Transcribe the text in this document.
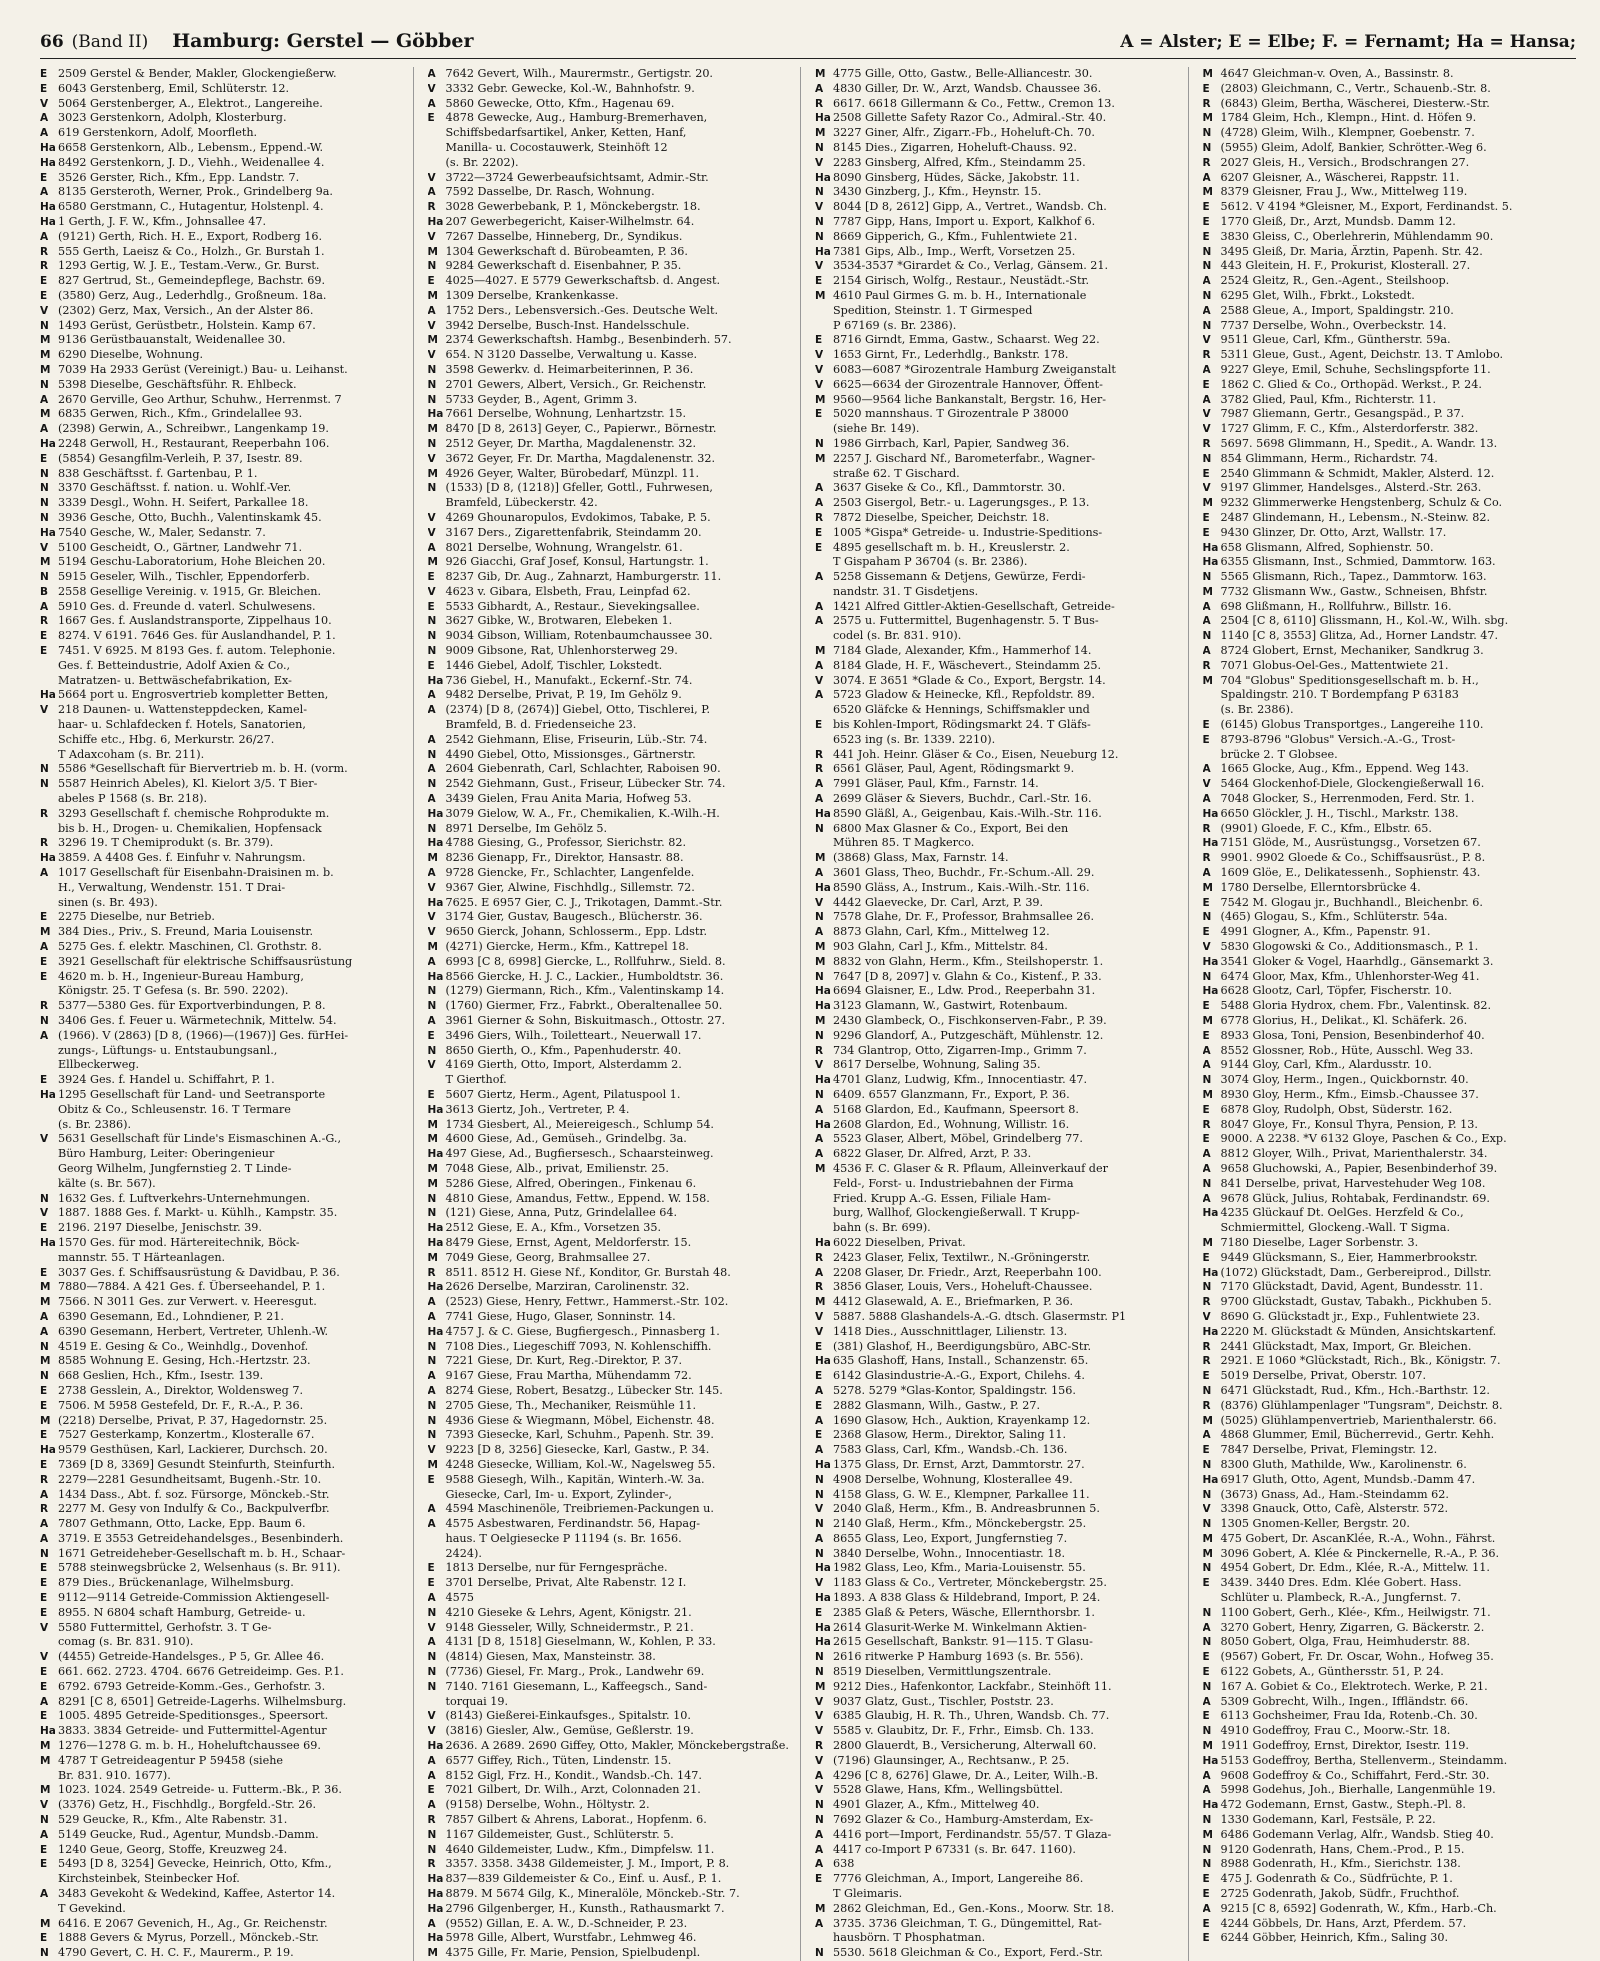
66 (Band II) Hamburg: Gerstel — Göbber	A = Alster; E = Elbe; F. = Fernamt; Ha = Hansa;
E 2509 Gerstel & Bender, Makler, Glockengießerw.
E 6043 Gerstenberg, Emil, Schlüterstr. 12.
V 5064 Gerstenberger, A., Elektrot., Langereihe.
A 3023 Gerstenkorn, Adolph, Klosterburg.
A 619 Gerstenkorn, Adolf, Moorfleth.
Ha 6658 Gerstenkorn, Alb., Lebensm., Eppend.-W.
Ha 8492 Gerstenkorn, J. D., Viehh., Weidenallee 4.
E 3526 Gerster, Rich., Kfm., Epp. Landstr. 7.
A 8135 Gersteroth, Werner, Prok., Grindelberg 9a.
Ha 6580 Gerstmann, C., Hutagentur, Holstenpl. 4.
Ha 1 Gerth, J. F. W., Kfm., Johnsallee 47.
A (9121) Gerth, Rich. H. E., Export, Rodberg 16.
R 555 Gerth, Laeisz & Co., Holzh., Gr. Burstah 1.
R 1293 Gertig, W. J. E., Testam.-Verw., Gr. Burst.
E 827 Gertrud, St., Gemeindepflege, Bachstr. 69.
E (3580) Gerz, Aug., Lederhdlg., Großneum. 18a.
V (2302) Gerz, Max, Versich., An der Alster 86.
N 1493 Gerüst, Gerüstbetr., Holstein. Kamp 67.
M 9136 Gerüstbauanstalt, Weidenallee 30.
M 6290 Dieselbe, Wohnung.
M 7039 Ha 2933 Gerüst (Vereinigt.) Bau- u. Leihanst.
N 5398 Dieselbe, Geschäftsführ. R. Ehlbeck.
A 2670 Gerville, Geo Arthur, Schuhw., Herrenmst. 7
M 6835 Gerwen, Rich., Kfm., Grindelallee 93.
A (2398) Gerwin, A., Schreibwr., Langenkamp 19.
Ha 2248 Gerwoll, H., Restaurant, Reeperbahn 106.
E (5854) Gesangfilm-Verleih, P. 37, Isestr. 89.
N 838 Geschäftsst. f. Gartenbau, P. 1.
N 3370 Geschäftsst. f. nation. u. Wohlf.-Ver.
N 3339 Desgl., Wohn. H. Seifert, Parkallee 18.
N 3936 Gesche, Otto, Buchh., Valentinskamk 45.
Ha 7540 Gesche, W., Maler, Sedanstr. 7.
V 5100 Gescheidt, O., Gärtner, Landwehr 71.
M 5194 Geschu-Laboratorium, Hohe Bleichen 20.
N 5915 Geseler, Wilh., Tischler, Eppendorferb.
B 2558 Gesellige Vereinig. v. 1915, Gr. Bleichen.
A 5910 Ges. d. Freunde d. vaterl. Schulwesens.
R 1667 Ges. f. Auslandstransporte, Zippelhaus 10.
E 8274. V 6191. 7646 Ges. für Auslandhandel, P. 1.
E 7451. V 6925. M 8193 Ges. f. autom. Telephonie.
Ges. f. Betteindustrie, Adolf Axien & Co.,
Matratzen- u. Bettwäschefabrikation, Ex-
Ha 5664 port u. Engrosvertrieb kompletter Betten,
V 218 Daunen- u. Wattensteppdecken, Kamel-
haar- u. Schlafdecken f. Hotels, Sanatorien,
Schiffe etc., Hbg. 6, Merkurstr. 26/27.
T Adaxcoham (s. Br. 211).
N 5586 *Gesellschaft für Biervertrieb m. b. H. (vorm.
N 5587 Heinrich Abeles), Kl. Kielort 3/5. T Bier-
abeles P 1568 (s. Br. 218).
R 3293 Gesellschaft f. chemische Rohprodukte m.
bis b. H., Drogen- u. Chemikalien, Hopfensack
R 3296 19. T Chemiprodukt (s. Br. 379).
Ha 3859. A 4408 Ges. f. Einfuhr v. Nahrungsm.
A 1017 Gesellschaft für Eisenbahn-Draisinen m. b.
H., Verwaltung, Wendenstr. 151. T Drai-
sinen (s. Br. 493).
E 2275 Dieselbe, nur Betrieb.
M 384 Dies., Priv., S. Freund, Maria Louisenstr.
A 5275 Ges. f. elektr. Maschinen, Cl. Grothstr. 8.
E 3921 Gesellschaft für elektrische Schiffsausrüstung
E 4620 m. b. H., Ingenieur-Bureau Hamburg,
Königstr. 25. T Gefesa (s. Br. 590. 2202).
R 5377—5380 Ges. für Exportverbindungen, P. 8.
N 3406 Ges. f. Feuer u. Wärmetechnik, Mittelw. 54.
A (1966). V (2863) [D 8, (1966)—(1967)] Ges. fürHei-
zungs-, Lüftungs- u. Entstaubungsanl.,
Ellbeckerweg.
E 3924 Ges. f. Handel u. Schiffahrt, P. 1.
Ha 1295 Gesellschaft für Land- und Seetransporte
Obitz & Co., Schleusenstr. 16. T Termare
(s. Br. 2386).
V 5631 Gesellschaft für Linde's Eismaschinen A.-G.,
Büro Hamburg, Leiter: Oberingenieur
Georg Wilhelm, Jungfernstieg 2. T Linde-
kälte (s. Br. 567).
N 1632 Ges. f. Luftverkehrs-Unternehmungen.
V 1887. 1888 Ges. f. Markt- u. Kühlh., Kampstr. 35.
E 2196. 2197 Dieselbe, Jenischstr. 39.
Ha 1570 Ges. für mod. Härtereitechnik, Böck-
mannstr. 55. T Härteanlagen.
E 3037 Ges. f. Schiffsausrüstung & Davidbau, P. 36.
M 7880—7884. A 421 Ges. f. Überseehandel, P. 1.
M 7566. N 3011 Ges. zur Verwert. v. Heeresgut.
A 6390 Gesemann, Ed., Lohndiener, P. 21.
A 6390 Gesemann, Herbert, Vertreter, Uhlenh.-W.
N 4519 E. Gesing & Co., Weinhdlg., Dovenhof.
M 8585 Wohnung E. Gesing, Hch.-Hertzstr. 23.
N 668 Geslien, Hch., Kfm., Isestr. 139.
E 2738 Gesslein, A., Direktor, Woldensweg 7.
E 7506. M 5958 Gestefeld, Dr. F., R.-A., P. 36.
M (2218) Derselbe, Privat, P. 37, Hagedornstr. 25.
E 7527 Gesterkamp, Konzertm., Klosteralle 67.
Ha 9579 Gesthüsen, Karl, Lackierer, Durchsch. 20.
E 7369 [D 8, 3369] Gesundt Steinfurth, Steinfurth.
R 2279—2281 Gesundheitsamt, Bugenh.-Str. 10.
A 1434 Dass., Abt. f. soz. Fürsorge, Mönckeb.-Str.
R 2277 M. Gesy von Indulfy & Co., Backpulverfbr.
A 7807 Gethmann, Otto, Lacke, Epp. Baum 6.
A 3719. E 3553 Getreidehandelsges., Besenbinderh.
N 1671 Getreideheber-Gesellschaft m. b. H., Schaar-
E 5788 steinwegsbrücke 2, Welsenhaus (s. Br. 911).
E 879 Dies., Brückenanlage, Wilhelmsburg.
E 9112—9114 Getreide-Commission Aktiengesell-
E 8955. N 6804 schaft Hamburg, Getreide- u.
V 5580 Futtermittel, Gerhofstr. 3. T Ge-
comag (s. Br. 831. 910).
V (4455) Getreide-Handelsges., P 5, Gr. Allee 46.
E 661. 662. 2723. 4704. 6676 Getreideimp. Ges. P.1.
E 6792. 6793 Getreide-Komm.-Ges., Gerhofstr. 3.
A 8291 [C 8, 6501] Getreide-Lagerhs. Wilhelmsburg.
E 1005. 4895 Getreide-Speditionsges., Speersort.
Ha 3833. 3834 Getreide- und Futtermittel-Agentur
M 1276—1278 G. m. b. H., Hoheluftchaussee 69.
M 4787 T Getreideagentur P 59458 (siehe
Br. 831. 910. 1677).
M 1023. 1024. 2549 Getreide- u. Futterm.-Bk., P. 36.
V (3376) Getz, H., Fischhdlg., Borgfeld.-Str. 26.
N 529 Geucke, R., Kfm., Alte Rabenstr. 31.
A 5149 Geucke, Rud., Agentur, Mundsb.-Damm.
E 1240 Geue, Georg, Stoffe, Kreuzweg 24.
E 5493 [D 8, 3254] Gevecke, Heinrich, Otto, Kfm.,
Kirchsteinbek, Steinbecker Hof.
A 3483 Gevekoht & Wedekind, Kaffee, Astertor 14.
T Gevekind.
M 6416. E 2067 Gevenich, H., Ag., Gr. Reichenstr.
E 1888 Gevers & Myrus, Porzell., Mönckeb.-Str.
N 4790 Gevert, C. H. C. F., Maurerm., P. 19.
A 7642 Gevert, Wilh., Maurermstr., Gertigstr. 20.
V 3332 Gebr. Gewecke, Kol.-W., Bahnhofstr. 9.
A 5860 Gewecke, Otto, Kfm., Hagenau 69.
E 4878 Gewecke, Aug., Hamburg-Bremerhaven,
Schiffsbedarfsartikel, Anker, Ketten, Hanf,
Manilla- u. Cocostauwerk, Steinhöft 12
(s. Br. 2202).
V 3722—3724 Gewerbeaufsichtsamt, Admir.-Str.
A 7592 Dasselbe, Dr. Rasch, Wohnung.
R 3028 Gewerbebank, P. 1, Mönckebergstr. 18.
Ha 207 Gewerbegericht, Kaiser-Wilhelmstr. 64.
V 7267 Dasselbe, Hinneberg, Dr., Syndikus.
M 1304 Gewerkschaft d. Bürobeamten, P. 36.
N 9284 Gewerkschaft d. Eisenbahner, P. 35.
E 4025—4027. E 5779 Gewerkschaftsb. d. Angest.
M 1309 Derselbe, Krankenkasse.
A 1752 Ders., Lebensversich.-Ges. Deutsche Welt.
V 3942 Derselbe, Busch-Inst. Handelsschule.
M 2374 Gewerkschaftsh. Hambg., Besenbinderh. 57.
V 654. N 3120 Dasselbe, Verwaltung u. Kasse.
N 3598 Gewerkv. d. Heimarbeiterinnen, P. 36.
N 2701 Gewers, Albert, Versich., Gr. Reichenstr.
N 5733 Geyder, B., Agent, Grimm 3.
Ha 7661 Derselbe, Wohnung, Lenhartzstr. 15.
M 8470 [D 8, 2613] Geyer, C., Papierwr., Börnestr.
N 2512 Geyer, Dr. Martha, Magdalenenstr. 32.
V 3672 Geyer, Fr. Dr. Martha, Magdalenenstr. 32.
M 4926 Geyer, Walter, Bürobedarf, Münzpl. 11.
N (1533) [D 8, (1218)] Gfeller, Gottl., Fuhrwesen,
Bramfeld, Lübeckerstr. 42.
V 4269 Ghounaropulos, Evdokimos, Tabake, P. 5.
V 3167 Ders., Zigarettenfabrik, Steindamm 20.
A 8021 Derselbe, Wohnung, Wrangelstr. 61.
M 926 Giacchi, Graf Josef, Konsul, Hartungstr. 1.
E 8237 Gib, Dr. Aug., Zahnarzt, Hamburgerstr. 11.
V 4623 v. Gibara, Elsbeth, Frau, Leinpfad 62.
E 5533 Gibhardt, A., Restaur., Sievekingsallee.
N 3627 Gibke, W., Brotwaren, Elebeken 1.
N 9034 Gibson, William, Rotenbaumchaussee 30.
N 9009 Gibsone, Rat, Uhlenhorsterweg 29.
E 1446 Giebel, Adolf, Tischler, Lokstedt.
Ha 736 Giebel, H., Manufakt., Eckernf.-Str. 74.
A 9482 Derselbe, Privat, P. 19, Im Gehölz 9.
A (2374) [D 8, (2674)] Giebel, Otto, Tischlerei, P.
Bramfeld, B. d. Friedenseiche 23.
A 2542 Giehmann, Elise, Friseurin, Lüb.-Str. 74.
N 4490 Giebel, Otto, Missionsges., Gärtnerstr.
A 2604 Giebenrath, Carl, Schlachter, Raboisen 90.
N 2542 Giehmann, Gust., Friseur, Lübecker Str. 74.
A 3439 Gielen, Frau Anita Maria, Hofweg 53.
Ha 3079 Gielow, W. A., Fr., Chemikalien, K.-Wilh.-H.
N 8971 Derselbe, Im Gehölz 5.
Ha 4788 Giesing, G., Professor, Sierichstr. 82.
M 8236 Gienapp, Fr., Direktor, Hansastr. 88.
A 9728 Giencke, Fr., Schlachter, Langenfelde.
V 9367 Gier, Alwine, Fischhdlg., Sillemstr. 72.
Ha 7625. E 6957 Gier, C. J., Trikotagen, Dammt.-Str.
V 3174 Gier, Gustav, Baugesch., Blücherstr. 36.
V 9650 Gierck, Johann, Schlosserm., Epp. Ldstr.
M (4271) Giercke, Herm., Kfm., Kattrepel 18.
A 6993 [C 8, 6998] Giercke, L., Rollfuhrw., Sield. 8.
Ha 8566 Giercke, H. J. C., Lackier., Humboldtstr. 36.
N (1279) Giermann, Rich., Kfm., Valentinskamp 14.
N (1760) Giermer, Frz., Fabrkt., Oberaltenallee 50.
A 3961 Gierner & Sohn, Biskuitmasch., Ottostr. 27.
E 3496 Giers, Wilh., Toiletteart., Neuerwall 17.
N 8650 Gierth, O., Kfm., Papenhuderstr. 40.
V 4169 Gierth, Otto, Import, Alsterdamm 2.
T Gierthof.
E 5607 Giertz, Herm., Agent, Pilatuspool 1.
Ha 3613 Giertz, Joh., Vertreter, P. 4.
M 1734 Giesbert, Al., Meiereigesch., Schlump 54.
M 4600 Giese, Ad., Gemüseh., Grindelbg. 3a.
Ha 497 Giese, Ad., Bugfiersesch., Schaarsteinweg.
M 7048 Giese, Alb., privat, Emilienstr. 25.
M 5286 Giese, Alfred, Oberingen., Finkenau 6.
N 4810 Giese, Amandus, Fettw., Eppend. W. 158.
N (121) Giese, Anna, Putz, Grindelallee 64.
Ha 2512 Giese, E. A., Kfm., Vorsetzen 35.
Ha 8479 Giese, Ernst, Agent, Meldorferstr. 15.
M 7049 Giese, Georg, Brahmsallee 27.
R 8511. 8512 H. Giese Nf., Konditor, Gr. Burstah 48.
Ha 2626 Derselbe, Marziran, Carolinenstr. 32.
A (2523) Giese, Henry, Fettwr., Hammerst.-Str. 102.
A 7741 Giese, Hugo, Glaser, Sonninstr. 14.
Ha 4757 J. & C. Giese, Bugfiergesch., Pinnasberg 1.
N 7108 Dies., Liegeschiff 7093, N. Kohlenschiffh.
N 7221 Giese, Dr. Kurt, Reg.-Direktor, P. 37.
A 9167 Giese, Frau Martha, Mühendamm 72.
A 8274 Giese, Robert, Besatzg., Lübecker Str. 145.
N 2705 Giese, Th., Mechaniker, Reismühle 11.
N 4936 Giese & Wiegmann, Möbel, Eichenstr. 48.
N 7393 Giesecke, Karl, Schuhm., Papenh. Str. 39.
V 9223 [D 8, 3256] Giesecke, Karl, Gastw., P. 34.
M 4248 Giesecke, William, Kol.-W., Nagelsweg 55.
E 9588 Giesegh, Wilh., Kapitän, Winterh.-W. 3a.
Giesecke, Carl, Im- u. Export, Zylinder-,
A 4594 Maschinenöle, Treibriemen-Packungen u.
A 4575 Asbestwaren, Ferdinandstr. 56, Hapag-
haus. T Oelgiesecke P 11194 (s. Br. 1656.
2424).
E 1813 Derselbe, nur für Ferngespräche.
E 3701 Derselbe, Privat, Alte Rabenstr. 12 I.
A 4575
N 4210 Gieseke & Lehrs, Agent, Königstr. 21.
V 9148 Giesseler, Willy, Schneidermstr., P. 21.
A 4131 [D 8, 1518] Gieselmann, W., Kohlen, P. 33.
N (4814) Giesen, Max, Mansteinstr. 38.
N (7736) Giesel, Fr. Marg., Prok., Landwehr 69.
N 7140. 7161 Giesemann, L., Kaffeegsch., Sand-
torquai 19.
V (8143) Gießerei-Einkaufsges., Spitalstr. 10.
V (3816) Giesler, Alw., Gemüse, Geßlerstr. 19.
Ha 2636. A 2689. 2690 Giffey, Otto, Makler, Mönckebergstraße.
A 6577 Giffey, Rich., Tüten, Lindenstr. 15.
A 8152 Gigl, Frz. H., Kondit., Wandsb.-Ch. 147.
E 7021 Gilbert, Dr. Wilh., Arzt, Colonnaden 21.
A (9158) Derselbe, Wohn., Höltystr. 2.
R 7857 Gilbert & Ahrens, Laborat., Hopfenm. 6.
N 1167 Gildemeister, Gust., Schlüterstr. 5.
N 4640 Gildemeister, Ludw., Kfm., Dimpfelsw. 11.
R 3357. 3358. 3438 Gildemeister, J. M., Import, P. 8.
Ha 837—839 Gildemeister & Co., Einf. u. Ausf., P. 1.
Ha 8879. M 5674 Gilg, K., Mineralöle, Mönckeb.-Str. 7.
Ha 2796 Gilgenberger, H., Kunsth., Rathausmarkt 7.
A (9552) Gillan, E. A. W., D.-Schneider, P. 23.
Ha 5978 Gille, Albert, Wurstfabr., Lehmweg 46.
M 4375 Gille, Fr. Marie, Pension, Spielbudenpl.
M 4775 Gille, Otto, Gastw., Belle-Alliancestr. 30.
A 4830 Giller, Dr. W., Arzt, Wandsb. Chaussee 36.
R 6617. 6618 Gillermann & Co., Fettw., Cremon 13.
Ha 2508 Gillette Safety Razor Co., Admiral.-Str. 40.
M 3227 Giner, Alfr., Zigarr.-Fb., Hoheluft-Ch. 70.
N 8145 Dies., Zigarren, Hoheluft-Chauss. 92.
V 2283 Ginsberg, Alfred, Kfm., Steindamm 25.
Ha 8090 Ginsberg, Hüdes, Säcke, Jakobstr. 11.
N 3430 Ginzberg, J., Kfm., Heynstr. 15.
V 8044 [D 8, 2612] Gipp, A., Vertret., Wandsb. Ch.
N 7787 Gipp, Hans, Import u. Export, Kalkhof 6.
N 8669 Gipperich, G., Kfm., Fuhlentwiete 21.
Ha 7381 Gips, Alb., Imp., Werft, Vorsetzen 25.
V 3534-3537 *Girardet & Co., Verlag, Gänsem. 21.
E 2154 Girisch, Wolfg., Restaur., Neustädt.-Str.
M 4610 Paul Girmes G. m. b. H., Internationale
Spedition, Steinstr. 1. T Girmesped
P 67169 (s. Br. 2386).
E 8716 Girndt, Emma, Gastw., Schaarst. Weg 22.
V 1653 Girnt, Fr., Lederhdlg., Bankstr. 178.
V 6083—6087 *Girozentrale Hamburg Zweiganstalt
V 6625—6634 der Girozentrale Hannover, Öffent-
M 9560—9564 liche Bankanstalt, Bergstr. 16, Her-
E 5020 mannshaus. T Girozentrale P 38000
(siehe Br. 149).
N 1986 Girrbach, Karl, Papier, Sandweg 36.
M 2257 J. Gischard Nf., Barometerfabr., Wagner-
straße 62. T Gischard.
A 3637 Giseke & Co., Kfl., Dammtorstr. 30.
A 2503 Gisergol, Betr.- u. Lagerungsges., P. 13.
R 7872 Dieselbe, Speicher, Deichstr. 18.
E 1005 *Gispa* Getreide- u. Industrie-Speditions-
E 4895 gesellschaft m. b. H., Kreuslerstr. 2.
T Gispaham P 36704 (s. Br. 2386).
A 5258 Gissemann & Detjens, Gewürze, Ferdi-
nandstr. 31. T Gisdetjens.
A 1421 Alfred Gittler-Aktien-Gesellschaft, Getreide-
A 2575 u. Futtermittel, Bugenhagenstr. 5. T Bus-
codel (s. Br. 831. 910).
M 7184 Glade, Alexander, Kfm., Hammerhof 14.
A 8184 Glade, H. F., Wäschevert., Steindamm 25.
V 3074. E 3651 *Glade & Co., Export, Bergstr. 14.
A 5723 Gladow & Heinecke, Kfl., Repfoldstr. 89.
6520 Gläfcke & Hennings, Schiffsmakler und
E bis Kohlen-Import, Rödingsmarkt 24. T Gläfs-
6523 ing (s. Br. 1339. 2210).
R 441 Joh. Heinr. Gläser & Co., Eisen, Neueburg 12.
R 6561 Gläser, Paul, Agent, Rödingsmarkt 9.
A 7991 Gläser, Paul, Kfm., Farnstr. 14.
A 2699 Gläser & Sievers, Buchdr., Carl.-Str. 16.
Ha 8590 Gläßl, A., Geigenbau, Kais.-Wilh.-Str. 116.
N 6800 Max Glasner & Co., Export, Bei den
Mühren 85. T Magkerco.
M (3868) Glass, Max, Farnstr. 14.
A 3601 Glass, Theo, Buchdr., Fr.-Schum.-All. 29.
Ha 8590 Gläss, A., Instrum., Kais.-Wilh.-Str. 116.
V 4442 Glaevecke, Dr. Carl, Arzt, P. 39.
N 7578 Glahe, Dr. F., Professor, Brahmsallee 26.
A 8873 Glahn, Carl, Kfm., Mittelweg 12.
M 903 Glahn, Carl J., Kfm., Mittelstr. 84.
M 8832 von Glahn, Herm., Kfm., Steilshoperstr. 1.
N 7647 [D 8, 2097] v. Glahn & Co., Kistenf., P. 33.
Ha 6694 Glaisner, E., Ldw. Prod., Reeperbahn 31.
Ha 3123 Glamann, W., Gastwirt, Rotenbaum.
M 2430 Glambeck, O., Fischkonserven-Fabr., P. 39.
N 9296 Glandorf, A., Putzgeschäft, Mühlenstr. 12.
R 734 Glantrop, Otto, Zigarren-Imp., Grimm 7.
V 8617 Derselbe, Wohnung, Saling 35.
Ha 4701 Glanz, Ludwig, Kfm., Innocentiastr. 47.
N 6409. 6557 Glanzmann, Fr., Export, P. 36.
A 5168 Glardon, Ed., Kaufmann, Speersort 8.
Ha 2608 Glardon, Ed., Wohnung, Willistr. 16.
A 5523 Glaser, Albert, Möbel, Grindelberg 77.
A 6822 Glaser, Dr. Alfred, Arzt, P. 33.
M 4536 F. C. Glaser & R. Pflaum, Alleinverkauf der
Feld-, Forst- u. Industriebahnen der Firma
Fried. Krupp A.-G. Essen, Filiale Ham-
burg, Wallhof, Glockengießerwall. T Krupp-
bahn (s. Br. 699).
Ha 6022 Dieselben, Privat.
R 2423 Glaser, Felix, Textilwr., N.-Gröningerstr.
A 2208 Glaser, Dr. Friedr., Arzt, Reeperbahn 100.
R 3856 Glaser, Louis, Vers., Hoheluft-Chaussee.
M 4412 Glasewald, A. E., Briefmarken, P. 36.
V 5887. 5888 Glashandels-A.-G. dtsch. Glasermstr. P1
V 1418 Dies., Ausschnittlager, Lilienstr. 13.
E (381) Glashof, H., Beerdigungsbüro, ABC-Str.
Ha 635 Glashoff, Hans, Install., Schanzenstr. 65.
E 6142 Glasindustrie-A.-G., Export, Chilehs. 4.
A 5278. 5279 *Glas-Kontor, Spaldingstr. 156.
E 2882 Glasmann, Wilh., Gastw., P. 27.
A 1690 Glasow, Hch., Auktion, Krayenkamp 12.
E 2368 Glasow, Herm., Direktor, Saling 11.
A 7583 Glass, Carl, Kfm., Wandsb.-Ch. 136.
Ha 1375 Glass, Dr. Ernst, Arzt, Dammtorstr. 27.
N 4908 Derselbe, Wohnung, Klosterallee 49.
N 4158 Glass, G. W. E., Klempner, Parkallee 11.
V 2040 Glaß, Herm., Kfm., B. Andreasbrunnen 5.
N 2140 Glaß, Herm., Kfm., Mönckebergstr. 25.
A 8655 Glass, Leo, Export, Jungfernstieg 7.
N 3840 Derselbe, Wohn., Innocentiastr. 18.
Ha 1982 Glass, Leo, Kfm., Maria-Louisenstr. 55.
V 1183 Glass & Co., Vertreter, Mönckebergstr. 25.
Ha 1893. A 838 Glass & Hildebrand, Import, P. 24.
E 2385 Glaß & Peters, Wäsche, Ellernthorsbr. 1.
Ha 2614 Glasurit-Werke M. Winkelmann Aktien-
Ha 2615 Gesellschaft, Bankstr. 91—115. T Glasu-
N 2616 ritwerke P Hamburg 1693 (s. Br. 556).
N 8519 Dieselben, Vermittlungszentrale.
M 9212 Dies., Hafenkontor, Lackfabr., Steinhöft 11.
V 9037 Glatz, Gust., Tischler, Poststr. 23.
V 6385 Glaubig, H. R. Th., Uhren, Wandsb. Ch. 77.
V 5585 v. Glaubitz, Dr. F., Frhr., Eimsb. Ch. 133.
R 2800 Glauerdt, B., Versicherung, Alterwall 60.
V (7196) Glaunsinger, A., Rechtsanw., P. 25.
A 4296 [C 8, 6276] Glawe, Dr. A., Leiter, Wilh.-B.
V 5528 Glawe, Hans, Kfm., Wellingsbüttel.
N 4901 Glazer, A., Kfm., Mittelweg 40.
N 7692 Glazer & Co., Hamburg-Amsterdam, Ex-
A 4416 port—Import, Ferdinandstr. 55/57. T Glaza-
A 4417 co-Import P 67331 (s. Br. 647. 1160).
A 638
E 7776 Gleichman, A., Import, Langereihe 86.
T Gleimaris.
M 2862 Gleichman, Ed., Gen.-Kons., Moorw. Str. 18.
A 3735. 3736 Gleichman, T. G., Düngemittel, Rat-
hausbörn. T Phosphatman.
N 5530. 5618 Gleichman & Co., Export, Ferd.-Str.
M 4647 Gleichman-v. Oven, A., Bassinstr. 8.
E (2803) Gleichmann, C., Vertr., Schauenb.-Str. 8.
R (6843) Gleim, Bertha, Wäscherei, Diesterw.-Str.
M 1784 Gleim, Hch., Klempn., Hint. d. Höfen 9.
N (4728) Gleim, Wilh., Klempner, Goebenstr. 7.
N (5955) Gleim, Adolf, Bankier, Schrötter.-Weg 6.
R 2027 Gleis, H., Versich., Brodschrangen 27.
A 6207 Gleisner, A., Wäscherei, Rappstr. 11.
M 8379 Gleisner, Frau J., Ww., Mittelweg 119.
E 5612. V 4194 *Gleisner, M., Export, Ferdinandst. 5.
E 1770 Gleiß, Dr., Arzt, Mundsb. Damm 12.
E 3830 Gleiss, C., Oberlehrerin, Mühlendamm 90.
N 3495 Gleiß, Dr. Maria, Ärztin, Papenh. Str. 42.
N 443 Gleitein, H. F., Prokurist, Klosterall. 27.
A 2524 Gleitz, R., Gen.-Agent., Steilshoop.
N 6295 Glet, Wilh., Fbrkt., Lokstedt.
A 2588 Gleue, A., Import, Spaldingstr. 210.
N 7737 Derselbe, Wohn., Overbeckstr. 14.
V 9511 Gleue, Carl, Kfm., Güntherstr. 59a.
R 5311 Gleue, Gust., Agent, Deichstr. 13. T Amlobo.
A 9227 Gleye, Emil, Schuhe, Sechslingspforte 11.
E 1862 C. Glied & Co., Orthopäd. Werkst., P. 24.
A 3782 Glied, Paul, Kfm., Richterstr. 11.
V 7987 Gliemann, Gertr., Gesangspäd., P. 37.
V 1727 Glimm, F. C., Kfm., Alsterdorferstr. 382.
R 5697. 5698 Glimmann, H., Spedit., A. Wandr. 13.
N 854 Glimmann, Herm., Richardstr. 74.
E 2540 Glimmann & Schmidt, Makler, Alsterd. 12.
V 9197 Glimmer, Handelsges., Alsterd.-Str. 263.
M 9232 Glimmerwerke Hengstenberg, Schulz & Co.
E 2487 Glindemann, H., Lebensm., N.-Steinw. 82.
E 9430 Glinzer, Dr. Otto, Arzt, Wallstr. 17.
Ha 658 Glismann, Alfred, Sophienstr. 50.
Ha 6355 Glismann, Inst., Schmied, Dammtorw. 163.
N 5565 Glismann, Rich., Tapez., Dammtorw. 163.
M 7732 Glismann Ww., Gastw., Schneisen, Bhfstr.
A 698 Glißmann, H., Rollfuhrw., Billstr. 16.
A 2504 [C 8, 6110] Glissmann, H., Kol.-W., Wilh. sbg.
N 1140 [C 8, 3553] Glitza, Ad., Horner Landstr. 47.
A 8724 Globert, Ernst, Mechaniker, Sandkrug 3.
R 7071 Globus-Oel-Ges., Mattentwiete 21.
M 704 "Globus" Speditionsgesellschaft m. b. H.,
Spaldingstr. 210. T Bordempfang P 63183
(s. Br. 2386).
E (6145) Globus Transportges., Langereihe 110.
E 8793-8796 "Globus" Versich.-A.-G., Trost-
brücke 2. T Globsee.
A 1665 Glocke, Aug., Kfm., Eppend. Weg 143.
V 5464 Glockenhof-Diele, Glockengießerwall 16.
A 7048 Glocker, S., Herrenmoden, Ferd. Str. 1.
Ha 6650 Glöckler, J. H., Tischl., Markstr. 138.
R (9901) Gloede, F. C., Kfm., Elbstr. 65.
Ha 7151 Glöde, M., Ausrüstungsg., Vorsetzen 67.
R 9901. 9902 Gloede & Co., Schiffsausrüst., P. 8.
A 1609 Glöe, E., Delikatessenh., Sophienstr. 43.
M 1780 Derselbe, Ellerntorsbrücke 4.
E 7542 M. Glogau jr., Buchhandl., Bleichenbr. 6.
N (465) Glogau, S., Kfm., Schlüterstr. 54a.
E 4991 Glogner, A., Kfm., Papenstr. 91.
V 5830 Glogowski & Co., Additionsmasch., P. 1.
Ha 3541 Gloker & Vogel, Haarhdlg., Gänsemarkt 3.
N 6474 Gloor, Max, Kfm., Uhlenhorster-Weg 41.
Ha 6628 Glootz, Carl, Töpfer, Fischerstr. 10.
E 5488 Gloria Hydrox, chem. Fbr., Valentinsk. 82.
M 6778 Glorius, H., Delikat., Kl. Schäferk. 26.
E 8933 Glosa, Toni, Pension, Besenbinderhof 40.
A 8552 Glossner, Rob., Hüte, Ausschl. Weg 33.
A 9144 Gloy, Carl, Kfm., Alardusstr. 10.
N 3074 Gloy, Herm., Ingen., Quickbornstr. 40.
M 8930 Gloy, Herm., Kfm., Eimsb.-Chaussee 37.
E 6878 Gloy, Rudolph, Obst, Süderstr. 162.
R 8047 Gloye, Fr., Konsul Thyra, Pension, P. 13.
E 9000. A 2238. *V 6132 Gloye, Paschen & Co., Exp.
A 8812 Gloyer, Wilh., Privat, Marienthalerstr. 34.
A 9658 Gluchowski, A., Papier, Besenbinderhof 39.
N 841 Derselbe, privat, Harvestehuder Weg 108.
A 9678 Glück, Julius, Rohtabak, Ferdinandstr. 69.
Ha 4235 Glückauf Dt. OelGes. Herzfeld & Co.,
Schmiermittel, Glockeng.-Wall. T Sigma.
M 7180 Dieselbe, Lager Sorbenstr. 3.
E 9449 Glücksmann, S., Eier, Hammerbrookstr.
Ha (1072) Glückstadt, Dam., Gerbereiprod., Dillstr.
N 7170 Glückstadt, David, Agent, Bundesstr. 11.
R 9700 Glückstadt, Gustav, Tabakh., Pickhuben 5.
V 8690 G. Glückstadt jr., Exp., Fuhlentwiete 23.
Ha 2220 M. Glückstadt & Münden, Ansichtskartenf.
R 2441 Glückstadt, Max, Import, Gr. Bleichen.
R 2921. E 1060 *Glückstadt, Rich., Bk., Königstr. 7.
E 5019 Derselbe, Privat, Oberstr. 107.
N 6471 Glückstadt, Rud., Kfm., Hch.-Barthstr. 12.
R (8376) Glühlampenlager "Tungsram", Deichstr. 8.
M (5025) Glühlampenvertrieb, Marienthalerstr. 66.
A 4868 Glummer, Emil, Bücherrevid., Gertr. Kehh.
E 7847 Derselbe, Privat, Flemingstr. 12.
N 8300 Gluth, Mathilde, Ww., Karolinenstr. 6.
Ha 6917 Gluth, Otto, Agent, Mundsb.-Damm 47.
N (3673) Gnass, Ad., Ham.-Steindamm 62.
V 3398 Gnauck, Otto, Cafè, Alsterstr. 572.
N 1305 Gnomen-Keller, Bergstr. 20.
M 475 Gobert, Dr. AscanKlée, R.-A., Wohn., Fährst.
M 3096 Gobert, A. Klée & Pinckernelle, R.-A., P. 36.
N 4954 Gobert, Dr. Edm., Klée, R.-A., Mittelw. 11.
E 3439. 3440 Dres. Edm. Klée Gobert. Hass.
Schlüter u. Plambeck, R.-A., Jungfernst. 7.
N 1100 Gobert, Gerh., Klée-, Kfm., Heilwigstr. 71.
A 3270 Gobert, Henry, Zigarren, G. Bäckerstr. 2.
N 8050 Gobert, Olga, Frau, Heimhuderstr. 88.
E (9567) Gobert, Fr. Dr. Oscar, Wohn., Hofweg 35.
E 6122 Gobets, A., Günthersstr. 51, P. 24.
N 167 A. Gobiet & Co., Elektrotech. Werke, P. 21.
A 5309 Gobrecht, Wilh., Ingen., Iffländstr. 66.
E 6113 Gochsheimer, Frau Ida, Rotenb.-Ch. 30.
N 4910 Godeffroy, Frau C., Moorw.-Str. 18.
M 1911 Godeffroy, Ernst, Direktor, Isestr. 119.
Ha 5153 Godeffroy, Bertha, Stellenverm., Steindamm.
A 9608 Godeffroy & Co., Schiffahrt, Ferd.-Str. 30.
A 5998 Godehus, Joh., Bierhalle, Langenmühle 19.
Ha 472 Godemann, Ernst, Gastw., Steph.-Pl. 8.
N 1330 Godemann, Karl, Festsäle, P. 22.
M 6486 Godemann Verlag, Alfr., Wandsb. Stieg 40.
N 9120 Godenrath, Hans, Chem.-Prod., P. 15.
N 8988 Godenrath, H., Kfm., Sierichstr. 138.
E 475 J. Godenrath & Co., Südfrüchte, P. 1.
E 2725 Godenrath, Jakob, Südfr., Fruchthof.
A 9215 [C 8, 6592] Godenrath, W., Kfm., Harb.-Ch.
E 4244 Göbbels, Dr. Hans, Arzt, Pferdem. 57.
E 6244 Göbber, Heinrich, Kfm., Saling 30.
